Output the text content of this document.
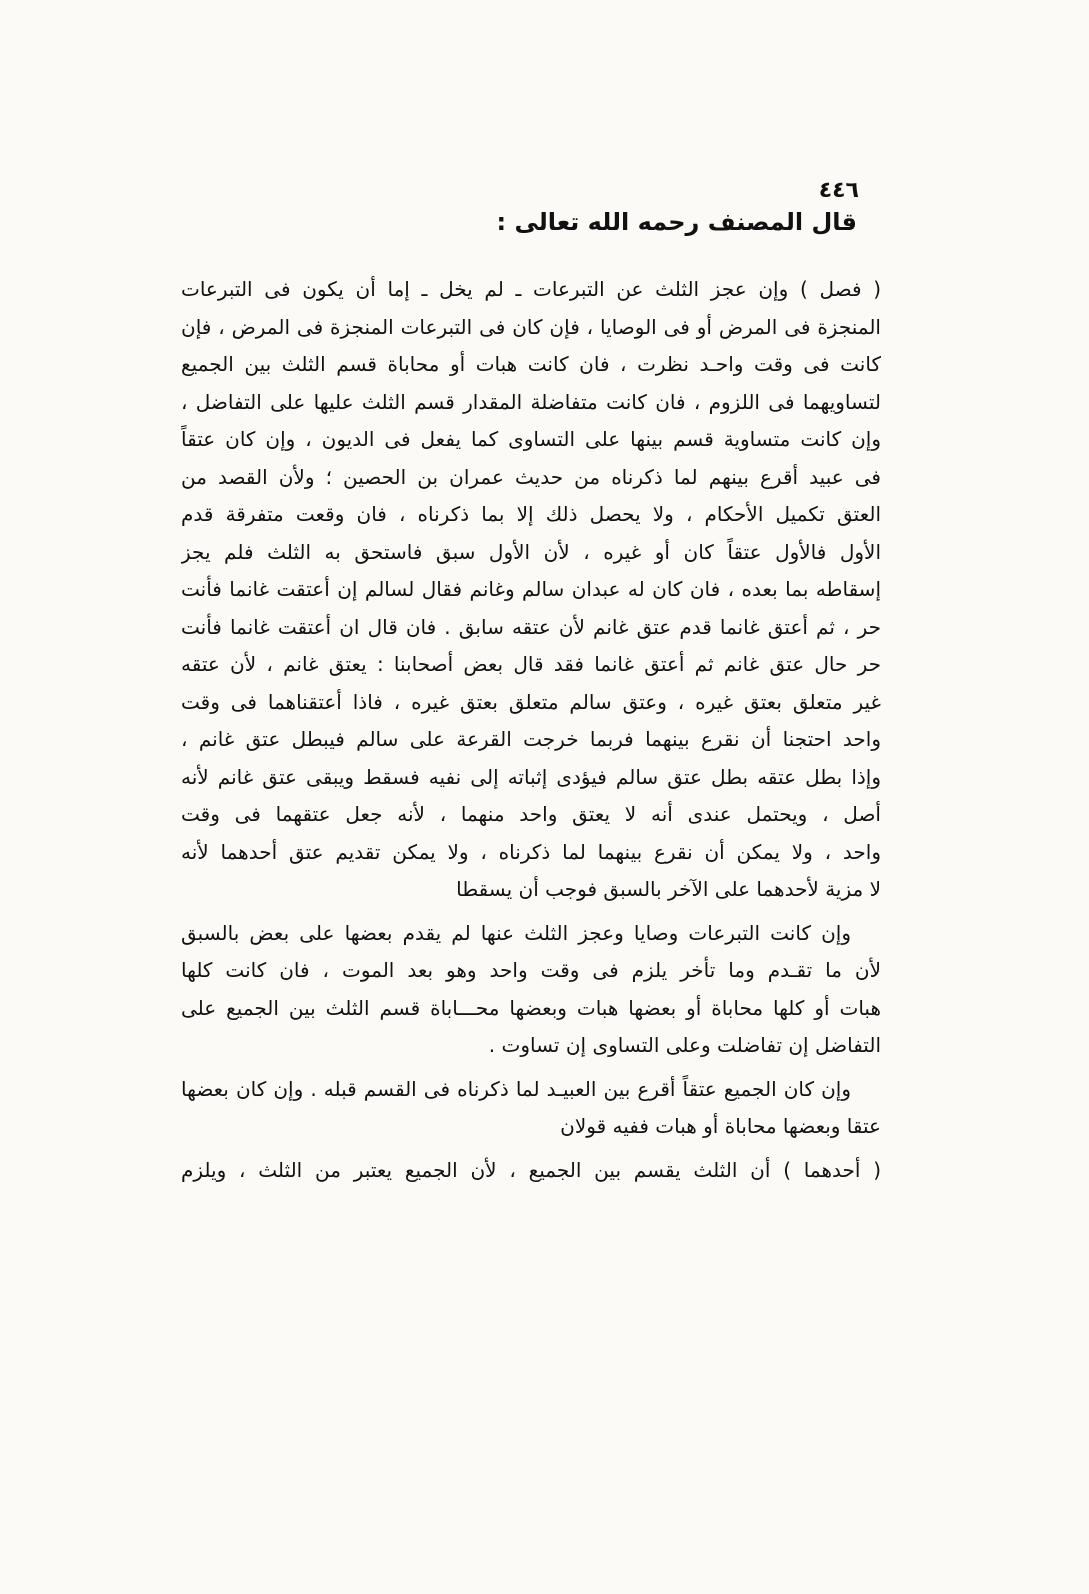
٤٤٦
قال المصنف رحمه الله تعالى :
( فصل ) وإن عجز الثلث عن التبرعات ـ لم يخل ـ إما أن يكون فى التبرعات
المنجزة فى المرض أو فى الوصايا ، فإن كان فى التبرعات المنجزة فى المرض ، فإن
كانت فى وقت واحـد نظرت ، فان كانت هبات أو محاباة قسم الثلث بين الجميع
لتساويهما فى اللزوم ، فان كانت متفاضلة المقدار قسم الثلث عليها على التفاضل ،
وإن كانت متساوية قسم بينها على التساوى كما يفعل فى الديون ، وإن كان عتقاً
فى عبيد أقرع بينهم لما ذكرناه من حديث عمران بن الحصين ؛ ولأن القصد من
العتق تكميل الأحكام ، ولا يحصل ذلك إلا بما ذكرناه ، فان وقعت متفرقة قدم
الأول فالأول عتقاً كان أو غيره ، لأن الأول سبق فاستحق به الثلث فلم يجز
إسقاطه بما بعده ، فان كان له عبدان سالم وغانم فقال لسالم إن أعتقت غانما فأنت
حر ، ثم أعتق غانما قدم عتق غانم لأن عتقه سابق . فان قال ان أعتقت غانما فأنت
حر حال عتق غانم ثم أعتق غانما فقد قال بعض أصحابنا : يعتق غانم ، لأن عتقه
غير متعلق بعتق غيره ، وعتق سالم متعلق بعتق غيره ، فاذا أعتقناهما فى وقت
واحد احتجنا أن نقرع بينهما فربما خرجت القرعة على سالم فيبطل عتق غانم ،
وإذا بطل عتقه بطل عتق سالم فيؤدى إثباته إلى نفيه فسقط ويبقى عتق غانم لأنه
أصل ، ويحتمل عندى أنه لا يعتق واحد منهما ، لأنه جعل عتقهما فى وقت
واحد ، ولا يمكن أن نقرع بينهما لما ذكرناه ، ولا يمكن تقديم عتق أحدهما لأنه
لا مزية لأحدهما على الآخر بالسبق فوجب أن يسقطا
وإن كانت التبرعات وصايا وعجز الثلث عنها لم يقدم بعضها على بعض بالسبق
لأن ما تقـدم وما تأخر يلزم فى وقت واحد وهو بعد الموت ، فان كانت كلها
هبات أو كلها محاباة أو بعضها هبات وبعضها محـــاباة قسم الثلث بين الجميع على
التفاضل إن تفاضلت وعلى التساوى إن تساوت .
وإن كان الجميع عتقاً أقرع بين العبيـد لما ذكرناه فى القسم قبله . وإن كان بعضها
عتقا وبعضها محاباة أو هبات ففيه قولان
( أحدهما ) أن الثلث يقسم بين الجميع ، لأن الجميع يعتبر من الثلث ، ويلزم
